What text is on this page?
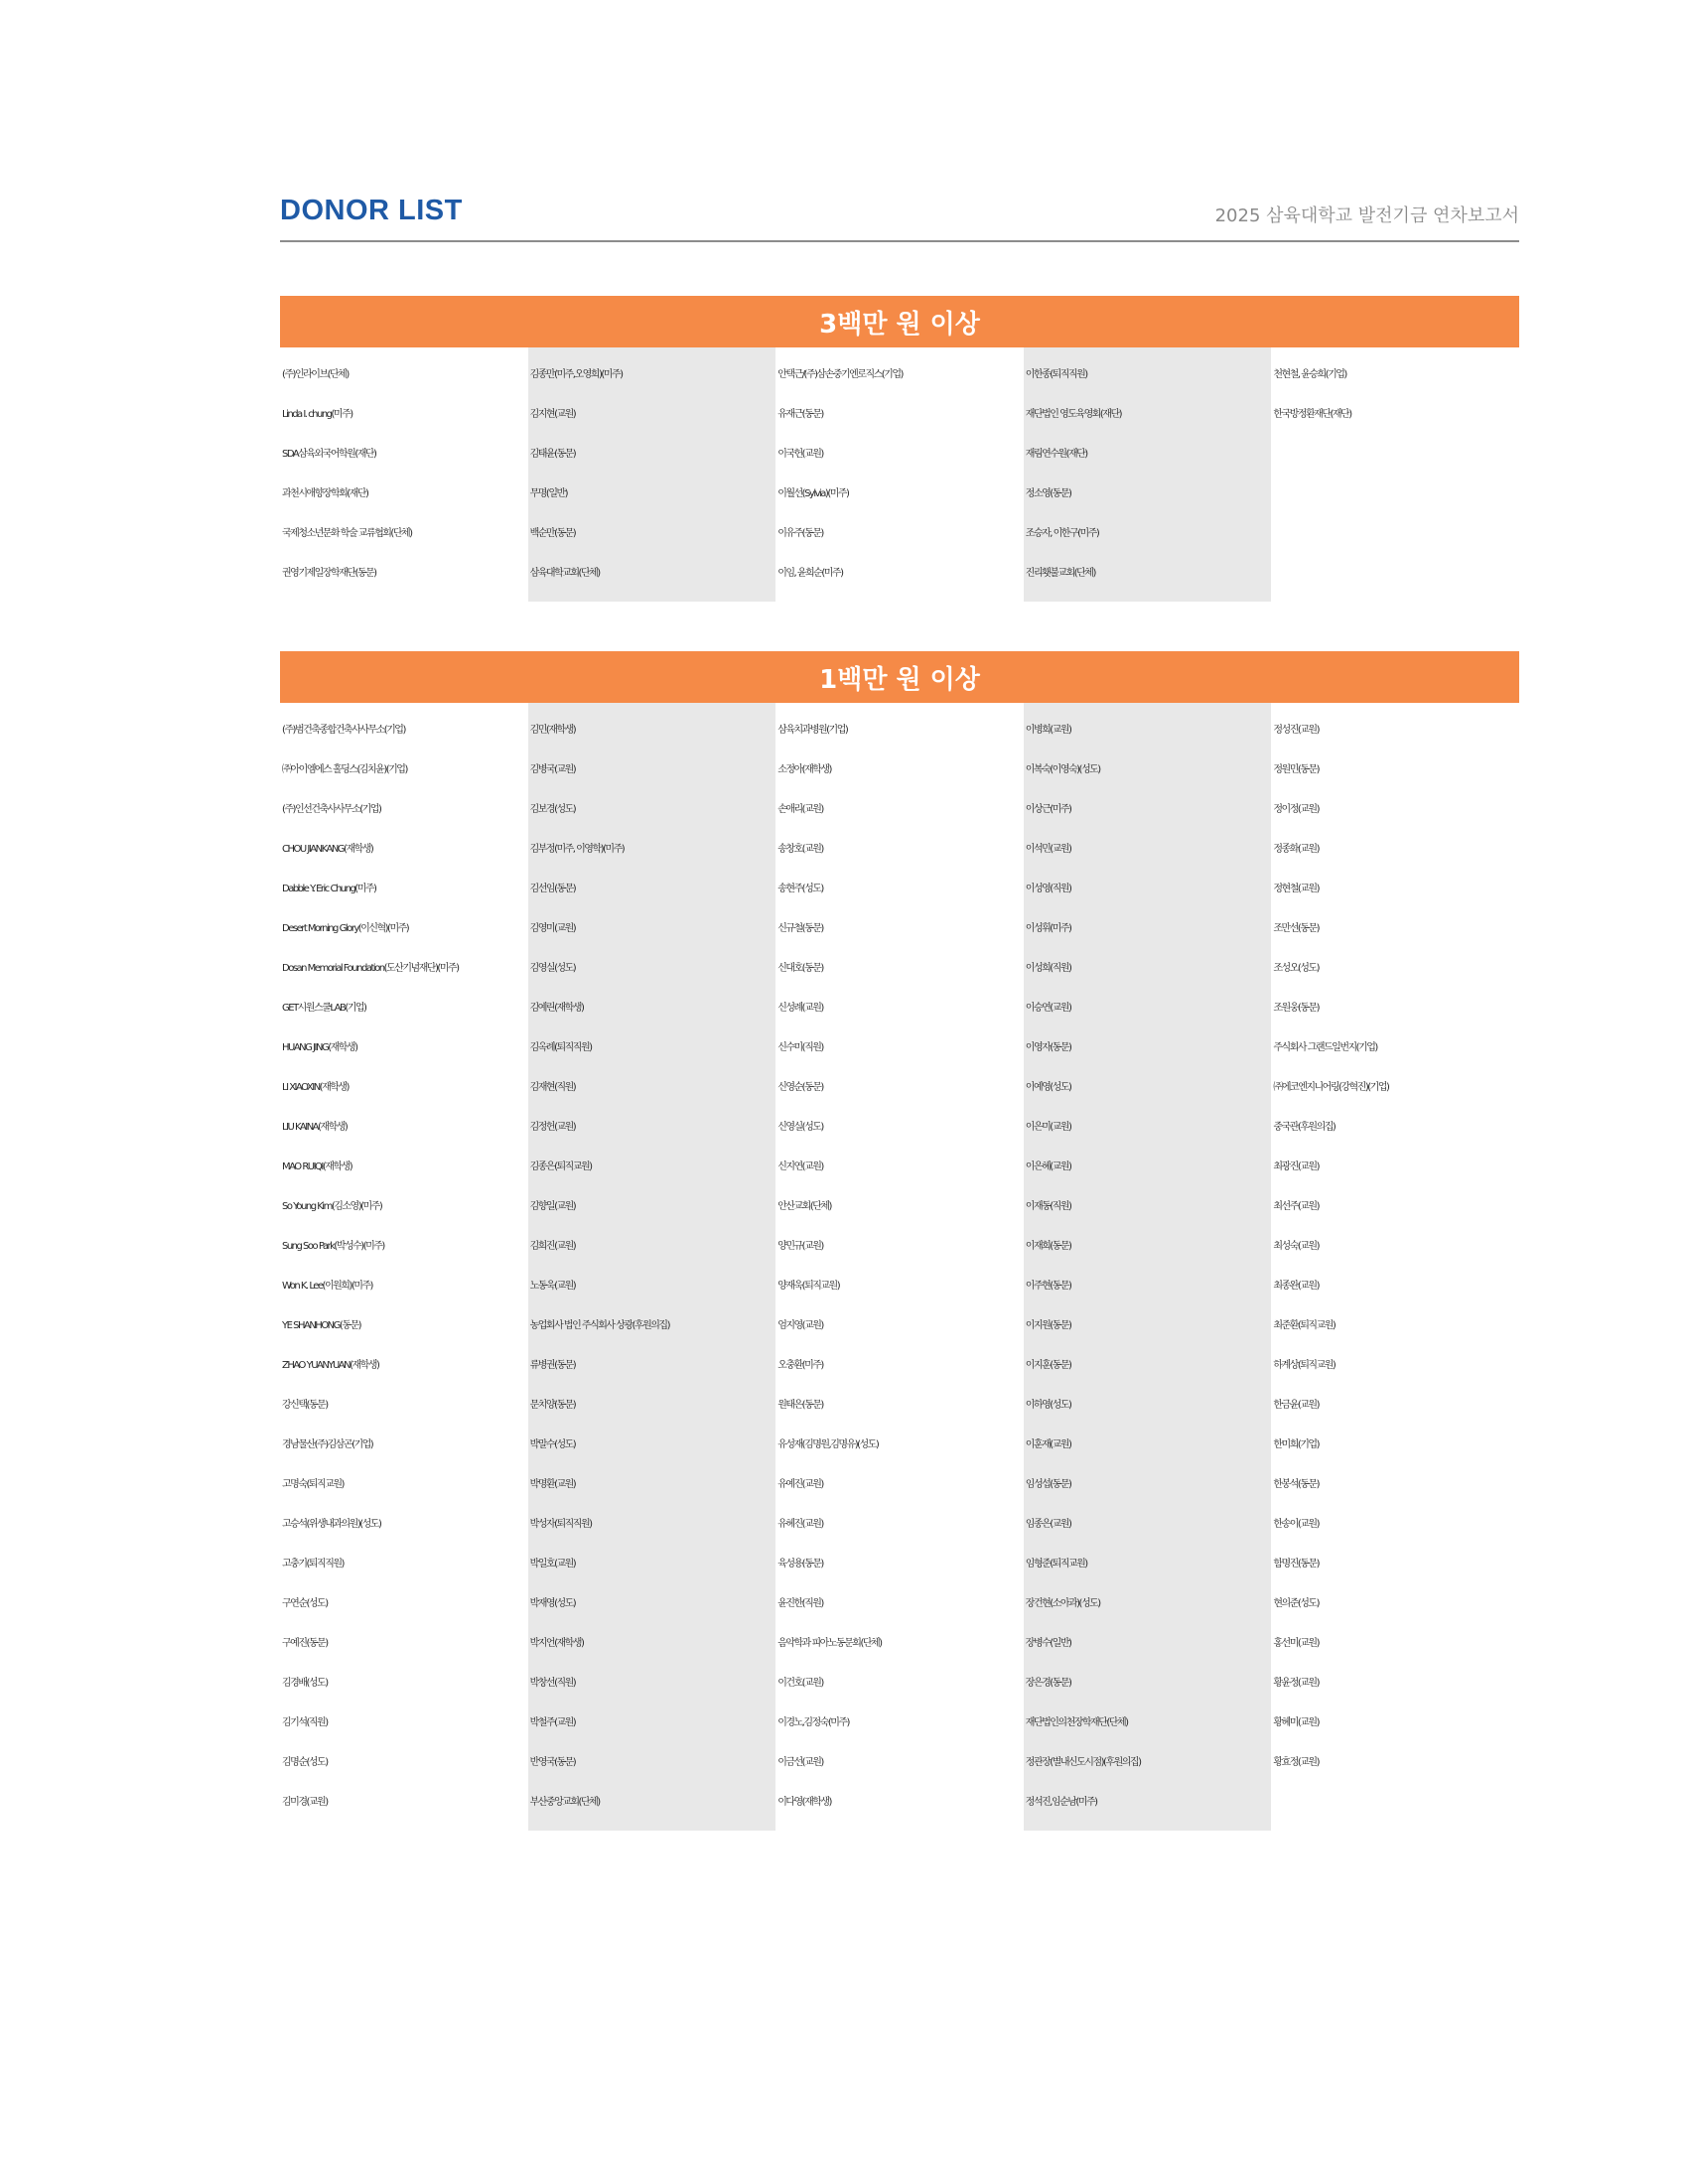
DONOR LIST	2025 삼육대학교 발전기금 연차보고서
3백만 원 이상
(주)인라이브(단체)
Linda I. chung(미주)
SDA삼육외국어학원(재단)
과천시애향장학회(재단)
국제청소년문화 학술 교류협회(단체)
권영기제일장학재단(동문)
김종만(미주,오영희)(미주)
김지현(교원)
김태윤(동문)
무명(일반)
백순만(동문)
삼육대학교회(단체)
안택근/(주)삼손중기엔로직스(기업)
유재근(동문)
이국헌(교원)
이월선(Sylvia)(미주)
이유주(동문)
이임, 윤희순(미주)
이한종(퇴직직원)
재단법인 영도육영회(재단)
재림연수원(재단)
정소영(동문)
조승자, 이한구(미주)
진리횃불교회(단체)
천현철, 윤승희(기업)
한국방정환재단(재단)
1백만 원 이상
(주)범건축종합건축사사무소(기업)
㈜아이엠에스 홀딩스(김치윤)(기업)
(주)인선건축사사무소(기업)
CHOU JIANKANG(재학생)
Dabble Y. Eric Chung(미주)
Desert Morning Glory(이신혁)(미주)
Dosan Memorial Foundation(도산기념재단)(미주)
GET시원스쿨LAB(기업)
HUANG JING(재학생)
LI XIAOXIN(재학생)
LIU KAINA(재학생)
MAO RUIQI(재학생)
So Young Kim(김소영)(미주)
Sung Soo Park(박성수)(미주)
Won K. Lee(이원희)(미주)
YE SHANHONG(동문)
ZHAO YUANYUAN(재학생)
강신택(동문)
경남물산(주)김삼곤(기업)
고명숙(퇴직교원)
고승석(위생내과의원)(성도)
고충기(퇴직직원)
구연순(성도)
구예진(동문)
김경배(성도)
김기석(직원)
김명순(성도)
김미경(교원)
김민(재학생)
김병국(교원)
김보경(성도)
김부정(미주, 이영학)(미주)
김선임(동문)
김영미(교원)
김영실(성도)
김예린(재학생)
김옥례(퇴직직원)
김재현(직원)
김정헌(교원)
김종은(퇴직교원)
김향일(교원)
김희진(교원)
노동욱(교원)
농업회사 법인 주식회사 상광(후원의집)
류병권(동문)
문치양(동문)
박말수(성도)
박명환(교원)
박성자(퇴직직원)
박일호(교원)
박재영(성도)
박지언(재학생)
박창선(직원)
박철주(교원)
반영국(동문)
부산중앙교회(단체)
삼육치과병원(기업)
소정아(재학생)
손애리(교원)
송창호(교원)
송현주(성도)
신규철(동문)
신대호(동문)
신성례(교원)
신수미(직원)
신영순(동문)
신영실(성도)
신지연(교원)
안산교회(단체)
양민규(교원)
양재욱(퇴직교원)
엄지영(교원)
오충환(미주)
원태은(동문)
유성재(김명원,김명유)(성도)
유예진(교원)
유혜진(교원)
육성용(동문)
윤진한(직원)
음악학과 피아노동문회(단체)
이건호(교원)
이경노,김정숙(미주)
이금선(교원)
이다영(재학생)
이병희(교원)
이복숙(이영숙)(성도)
이상근(미주)
이석민(교원)
이성영(직원)
이성휘(미주)
이성희(직원)
이승연(교원)
이영자(동문)
이예영(성도)
이은미(교원)
이은혜(교원)
이재동(직원)
이재희(동문)
이주현(동문)
이지원(동문)
이지훈(동문)
이하영(성도)
이훈재(교원)
임성섭(동문)
임종은(교원)
임형준(퇴직교원)
장건현(소아과)(성도)
장병수(일반)
장은경(동문)
재단법인의천장학재단(단체)
정관장(별내신도시점)(후원의집)
정석진,임순남(미주)
정성진(교원)
정원민(동문)
정이정(교원)
정종화(교원)
정현철(교원)
조만선(동문)
조성오(성도)
조원웅(동문)
주식회사 그랜드일번지(기업)
㈜에코엔지니어링(강혁진)(기업)
중국관(후원의집)
최광진(교원)
최선주(교원)
최성숙(교원)
최종완(교원)
최준환(퇴직교원)
하계상(퇴직교원)
한금윤(교원)
한미희(기업)
한봉석(동문)
한송이(교원)
함명진(동문)
현의준(성도)
홍선미(교원)
황윤정(교원)
황혜미(교원)
황효정(교원)
